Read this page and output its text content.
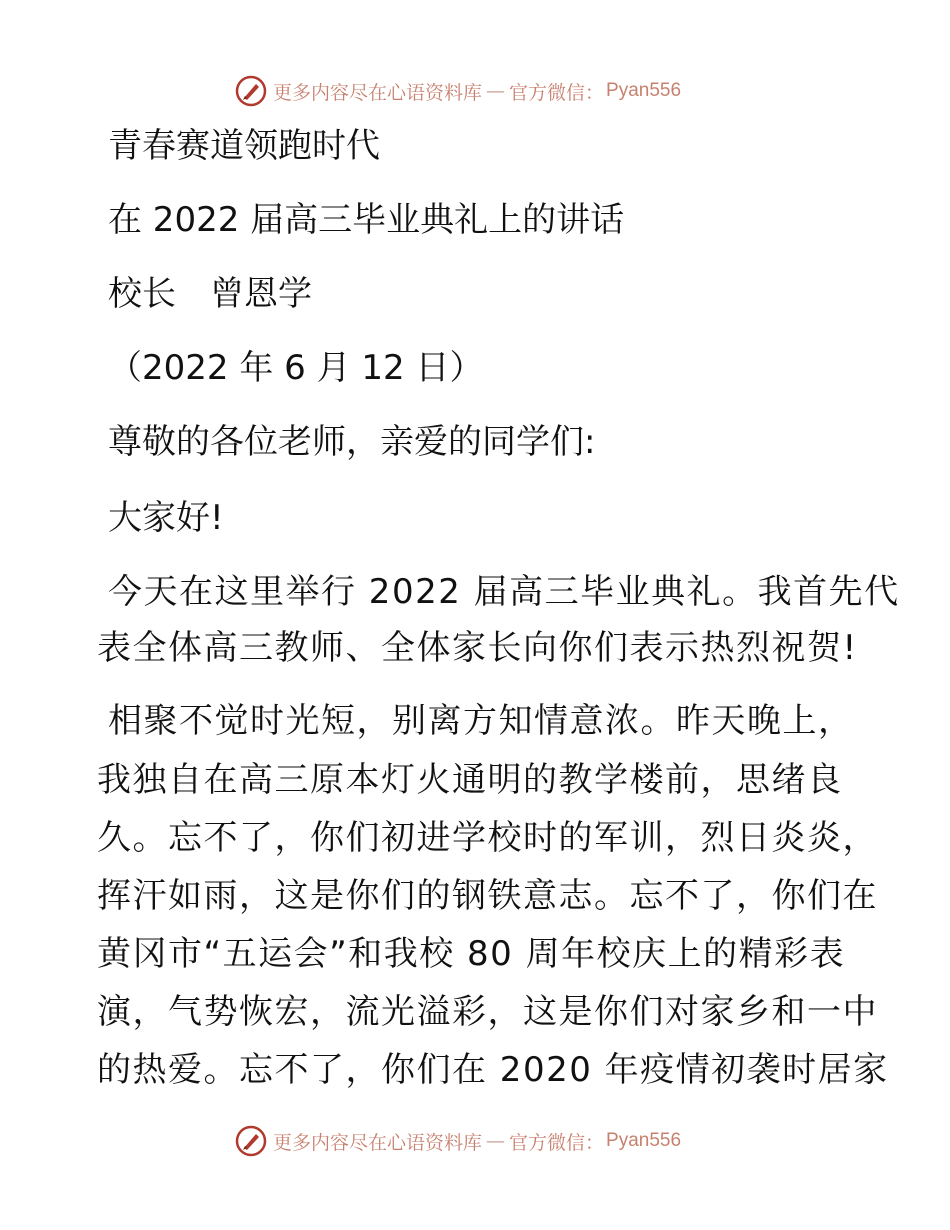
更多内容尽在心语资料库 — 官方微信： Pyan556
青春赛道领跑时代
在 2022 届高三毕业典礼上的讲话
校长　曾恩学
（2022 年 6 月 12 日）
尊敬的各位老师，亲爱的同学们:
大家好!
今天在这里举行 2022 届高三毕业典礼。我首先代
表全体高三教师、全体家长向你们表示热烈祝贺!
相聚不觉时光短，别离方知情意浓。昨天晚上，
我独自在高三原本灯火通明的教学楼前，思绪良
久。忘不了，你们初进学校时的军训，烈日炎炎，
挥汗如雨，这是你们的钢铁意志。忘不了，你们在
黄冈市“五运会”和我校 80 周年校庆上的精彩表
演，气势恢宏，流光溢彩，这是你们对家乡和一中
的热爱。忘不了，你们在 2020 年疫情初袭时居家
更多内容尽在心语资料库 — 官方微信： Pyan556
